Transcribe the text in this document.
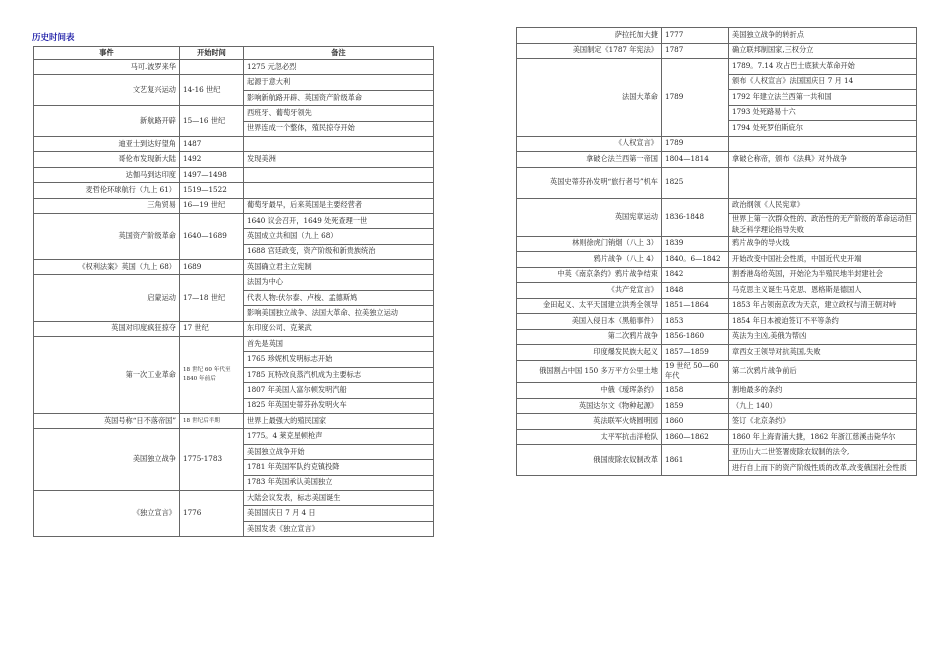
历史时间表
事件	开始时间	备注
马可.波罗来华		1275 元忽必烈
文艺复兴运动	14-16 世纪	起源于意大利
		影响新航路开辟、英国资产阶级革命
新航路开辟	15—16 世纪	西班牙、葡萄牙领先
		世界连成一个整体，殖民掠夺开始
迪亚士到达好望角	1487	
哥伦布发现新大陆	1492	发现美洲
达伽马到达印度	1497—1498	
麦哲伦环球航行（九上 61）	1519—1522	
三角贸易	16—19 世纪	葡萄牙最早，后来英国是主要经营者
英国资产阶级革命	1640—1689	1640 议会召开，1649 处死查理一世
		英国成立共和国（九上 68）
		1688 宫廷政变，资产阶级和新贵族统治
《权利法案》英国（九上 68）	1689	英国确立君主立宪制
启蒙运动	17—18 世纪	法国为中心
		代表人物:伏尔泰、卢梭、孟德斯鸠
		影响美国独立战争、法国大革命、拉美独立运动
英国对印度疯狂掠夺	17 世纪	东印度公司、克莱武
第一次工业革命	18 世纪 60 年代至 1840 年前后	首先是英国
		1765 珍妮机发明标志开始
		1785 瓦特改良蒸汽机成为主要标志
		1807 年美国人富尔顿发明汽船
		1825 年英国史蒂芬孙发明火车
英国号称“日不落帝国”	18 世纪后半期	世界上最强大的殖民国家
美国独立战争	1775-1783	1775。4 莱克星顿枪声
		美国独立战争开始
		1781 年英国军队约克镇投降
		1783 年英国承认美国独立
《独立宣言》	1776	大陆会议发表，标志美国诞生
		美国国庆日 7 月 4 日
		美国发表《独立宣言》
萨拉托加大捷	1777	美国独立战争的转折点
美国制定《1787 年宪法》	1787	确立联邦制国家,三权分立
法国大革命	1789	1789。7.14 攻占巴士底狱大革命开始
		颁布《人权宣言》法国国庆日 7 月 14
		1792 年建立法兰西第一共和国
		1793 处死路易十六
		1794 处死罗伯斯庇尔
《人权宣言》	1789	
拿破仑法兰西第一帝国	1804—1814	拿破仑称帝，颁布《法典》对外战争
英国史蒂芬孙发明“旅行者号”机车	1825	
英国宪章运动	1836-1848	政治纲领《人民宪章》
		世界上第一次群众性的、政治性的无产阶级的革命运动但缺乏科学理论指导失败
林则徐虎门销烟（八上 3）	1839	鸦片战争的导火线
鸦片战争（八上 4）	1840。6—1842	开始改变中国社会性质，中国近代史开端
中英《南京条约》鸦片战争结束	1842	割香港岛给英国，开始沦为半殖民地半封建社会
《共产党宣言》	1848	马克思主义诞生马克思、恩格斯是德国人
金田起义、太平天国建立洪秀全领导	1851—1864	1853 年占领南京改为天京，建立政权与清王朝对峙
美国入侵日本（黑船事件）	1853	1854 年日本被迫签订不平等条约
第二次鸦片战争	1856-1860	英法为主凶,美俄为帮凶
印度爆发民族大起义	1857—1859	章西女王领导对抗英国,失败
俄国割占中国 150 多万平方公里土地	19 世纪 50—60 年代	第二次鸦片战争前后
中俄《瑷珲条约》	1858	割地最多的条约
英国达尔文《物种起源》	1859	（九上 140）
英法联军火烧圆明园	1860	签订《北京条约》
太平军抗击洋枪队	1860—1862	1860 年上海青浦大捷，1862 年浙江慈溪击毙华尔
俄国废除农奴制改革	1861	亚历山大二世签署废除农奴制的法令,
		进行自上而下的资产阶级性质的改革,改变俄国社会性质
